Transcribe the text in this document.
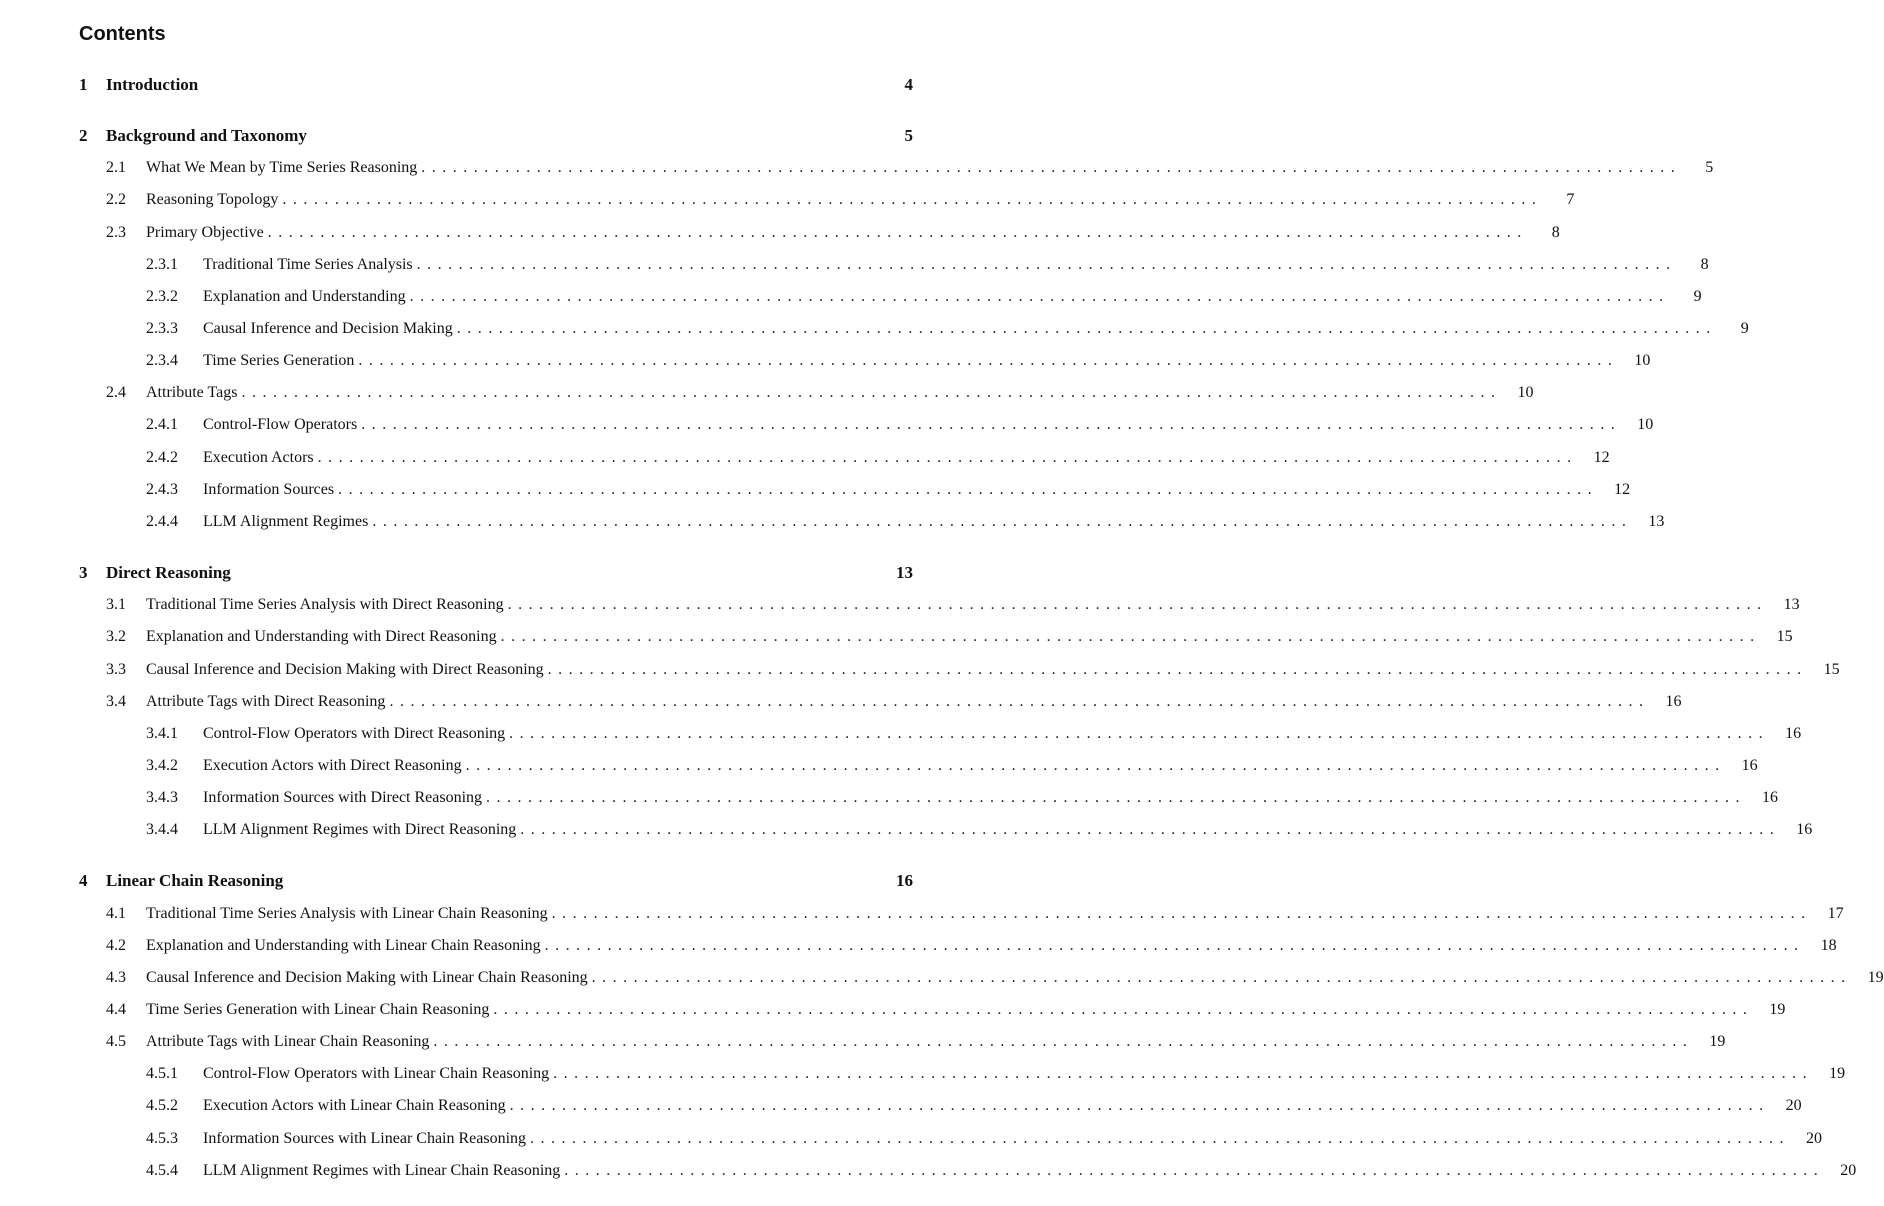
Contents
1	Introduction	4
2	Background and Taxonomy	5
2.1	What We Mean by Time Series Reasoning ........................................................................................................................	5
2.2	Reasoning Topology ........................................................................................................................	7
2.3	Primary Objective ........................................................................................................................	8
2.3.1	Traditional Time Series Analysis ........................................................................................................................	8
2.3.2	Explanation and Understanding ........................................................................................................................	9
2.3.3	Causal Inference and Decision Making ........................................................................................................................	9
2.3.4	Time Series Generation ........................................................................................................................	10
2.4	Attribute Tags ........................................................................................................................	10
2.4.1	Control-Flow Operators ........................................................................................................................	10
2.4.2	Execution Actors ........................................................................................................................	12
2.4.3	Information Sources ........................................................................................................................	12
2.4.4	LLM Alignment Regimes ........................................................................................................................	13
3	Direct Reasoning	13
3.1	Traditional Time Series Analysis with Direct Reasoning ........................................................................................................................	13
3.2	Explanation and Understanding with Direct Reasoning ........................................................................................................................	15
3.3	Causal Inference and Decision Making with Direct Reasoning ........................................................................................................................	15
3.4	Attribute Tags with Direct Reasoning ........................................................................................................................	16
3.4.1	Control-Flow Operators with Direct Reasoning ........................................................................................................................	16
3.4.2	Execution Actors with Direct Reasoning ........................................................................................................................	16
3.4.3	Information Sources with Direct Reasoning ........................................................................................................................	16
3.4.4	LLM Alignment Regimes with Direct Reasoning ........................................................................................................................	16
4	Linear Chain Reasoning	16
4.1	Traditional Time Series Analysis with Linear Chain Reasoning ........................................................................................................................	17
4.2	Explanation and Understanding with Linear Chain Reasoning ........................................................................................................................	18
4.3	Causal Inference and Decision Making with Linear Chain Reasoning ........................................................................................................................	19
4.4	Time Series Generation with Linear Chain Reasoning ........................................................................................................................	19
4.5	Attribute Tags with Linear Chain Reasoning ........................................................................................................................	19
4.5.1	Control-Flow Operators with Linear Chain Reasoning ........................................................................................................................	19
4.5.2	Execution Actors with Linear Chain Reasoning ........................................................................................................................	20
4.5.3	Information Sources with Linear Chain Reasoning ........................................................................................................................	20
4.5.4	LLM Alignment Regimes with Linear Chain Reasoning ........................................................................................................................	20
